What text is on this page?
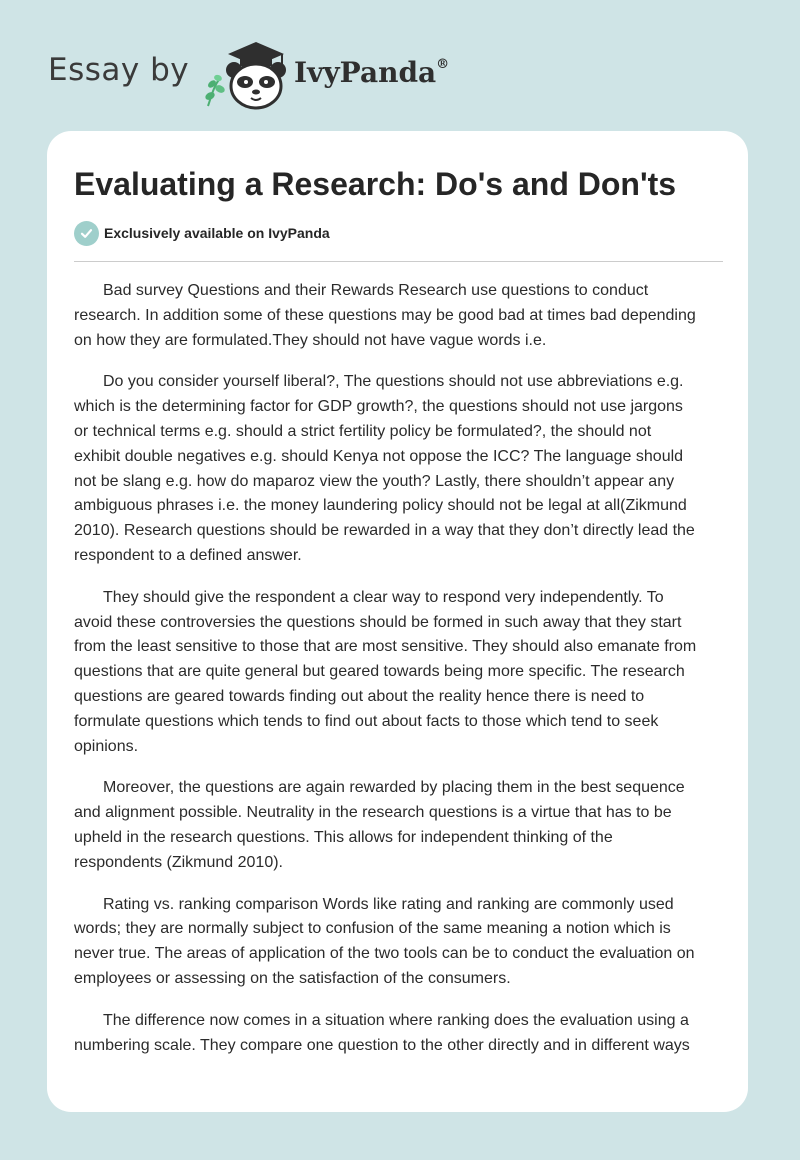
Essay by	IvyPanda®
Evaluating a Research: Do's and Don'ts
Exclusively available on IvyPanda

Bad survey Questions and their Rewards Research use questions to conduct
research. In addition some of these questions may be good bad at times bad depending
on how they are formulated.They should not have vague words i.e.

Do you consider yourself liberal?, The questions should not use abbreviations e.g.
which is the determining factor for GDP growth?, the questions should not use jargons
or technical terms e.g. should a strict fertility policy be formulated?, the should not
exhibit double negatives e.g. should Kenya not oppose the ICC? The language should
not be slang e.g. how do maparoz view the youth? Lastly, there shouldn’t appear any
ambiguous phrases i.e. the money laundering policy should not be legal at all(Zikmund
2010). Research questions should be rewarded in a way that they don’t directly lead the
respondent to a defined answer.

They should give the respondent a clear way to respond very independently. To
avoid these controversies the questions should be formed in such away that they start
from the least sensitive to those that are most sensitive. They should also emanate from
questions that are quite general but geared towards being more specific. The research
questions are geared towards finding out about the reality hence there is need to
formulate questions which tends to find out about facts to those which tend to seek
opinions.

Moreover, the questions are again rewarded by placing them in the best sequence
and alignment possible. Neutrality in the research questions is a virtue that has to be
upheld in the research questions. This allows for independent thinking of the
respondents (Zikmund 2010).

Rating vs. ranking comparison Words like rating and ranking are commonly used
words; they are normally subject to confusion of the same meaning a notion which is
never true. The areas of application of the two tools can be to conduct the evaluation on
employees or assessing on the satisfaction of the consumers.

The difference now comes in a situation where ranking does the evaluation using a
numbering scale. They compare one question to the other directly and in different ways
